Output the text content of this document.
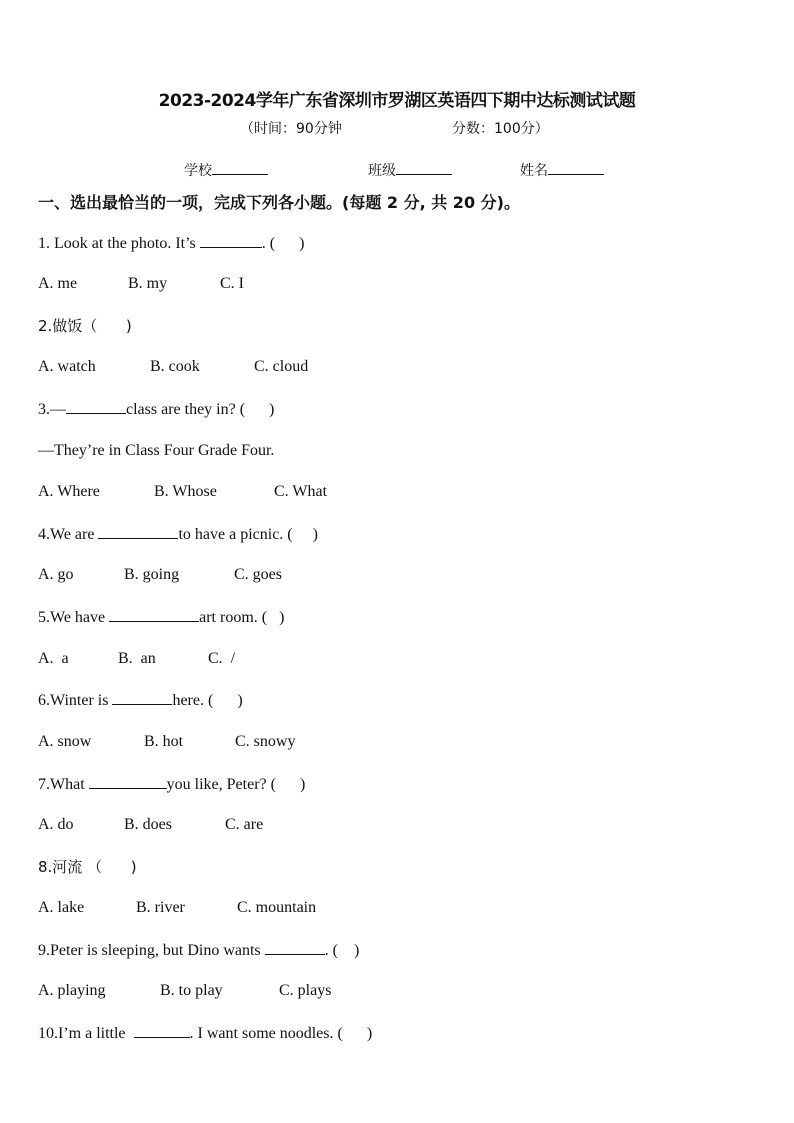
2023-2024学年广东省深圳市罗湖区英语四下期中达标测试试题
（时间：90分钟	分数：100分）
学校	班级	姓名
一、选出最恰当的一项，完成下列各小题。(每题 2 分, 共 20 分)。
1. Look at the photo. It’s	. (      )
A. me	B. my	C. I
2.做饭（      )
A. watch	B. cook	C. cloud
3.—	class are they in? (      )
—They’re in Class Four Grade Four.
A. Where	B. Whose	C. What
4.We are	to have a picnic. (     )
A. go	B. going	C. goes
5.We have	art room. (   )
A.  a	B.  an	C.  /
6.Winter is	here. (      )
A. snow	B. hot	C. snowy
7.What	you like, Peter? (      )
A. do	B. does	C. are
8.河流 （      )
A. lake	B. river	C. mountain
9.Peter is sleeping, but Dino wants	. (    )
A. playing	B. to play	C. plays
10.I’m a little	. I want some noodles. (      )
